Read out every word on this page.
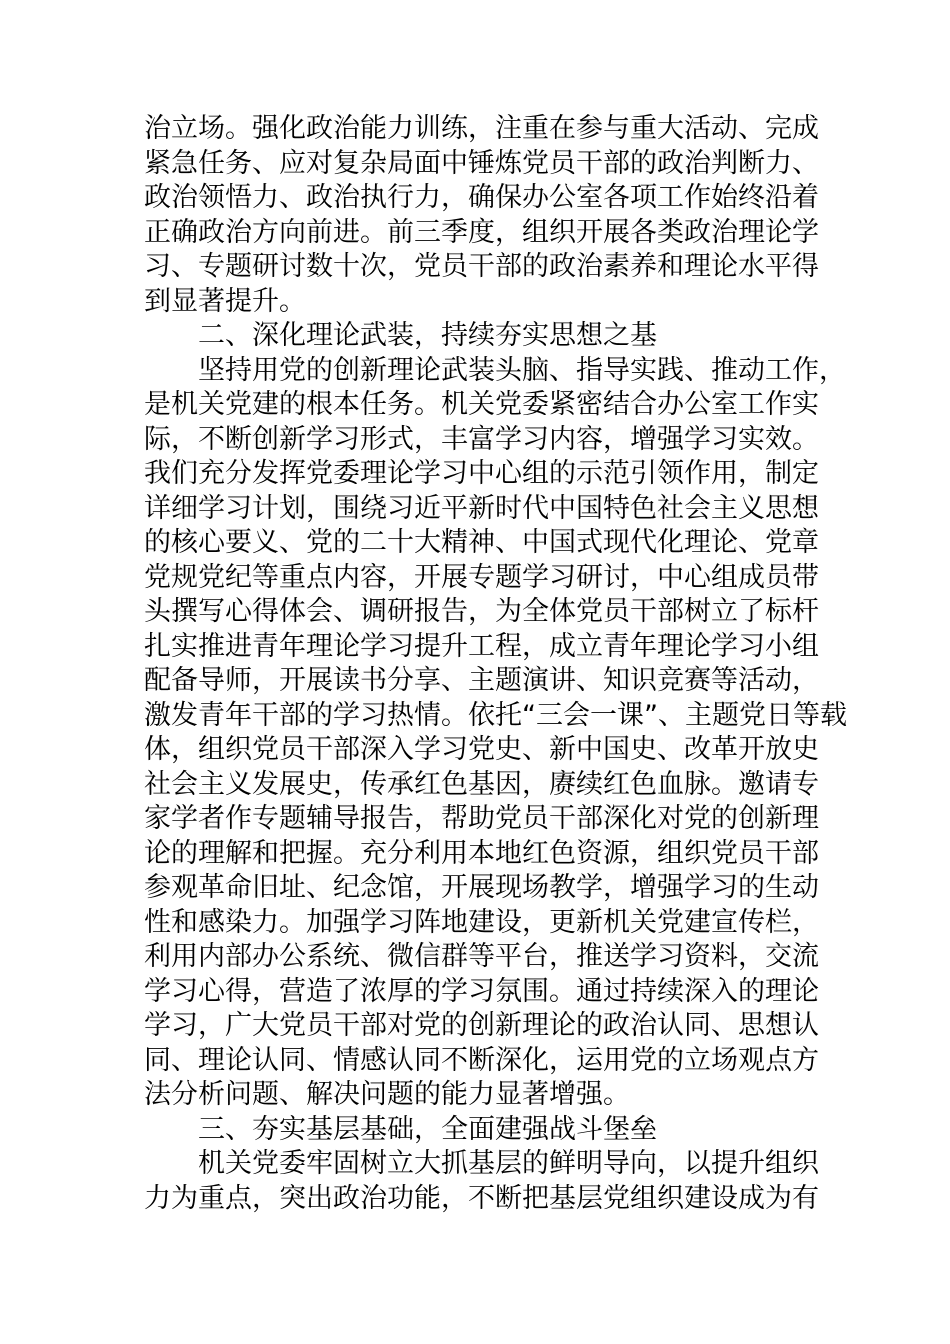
治立场。强化政治能力训练，注重在参与重大活动、完成
紧急任务、应对复杂局面中锤炼党员干部的政治判断力、
政治领悟力、政治执行力，确保办公室各项工作始终沿着
正确政治方向前进。前三季度，组织开展各类政治理论学
习、专题研讨数十次，党员干部的政治素养和理论水平得
到显著提升。
二、深化理论武装，持续夯实思想之基
坚持用党的创新理论武装头脑、指导实践、推动工作，
是机关党建的根本任务。机关党委紧密结合办公室工作实
际，不断创新学习形式，丰富学习内容，增强学习实效。
我们充分发挥党委理论学习中心组的示范引领作用，制定
详细学习计划，围绕习近平新时代中国特色社会主义思想
的核心要义、党的二十大精神、中国式现代化理论、党章
党规党纪等重点内容，开展专题学习研讨，中心组成员带
头撰写心得体会、调研报告，为全体党员干部树立了标杆
扎实推进青年理论学习提升工程，成立青年理论学习小组
配备导师，开展读书分享、主题演讲、知识竞赛等活动，
激发青年干部的学习热情。依托“三会一课”、主题党日等载
体，组织党员干部深入学习党史、新中国史、改革开放史
社会主义发展史，传承红色基因，赓续红色血脉。邀请专
家学者作专题辅导报告，帮助党员干部深化对党的创新理
论的理解和把握。充分利用本地红色资源，组织党员干部
参观革命旧址、纪念馆，开展现场教学，增强学习的生动
性和感染力。加强学习阵地建设，更新机关党建宣传栏，
利用内部办公系统、微信群等平台，推送学习资料，交流
学习心得，营造了浓厚的学习氛围。通过持续深入的理论
学习，广大党员干部对党的创新理论的政治认同、思想认
同、理论认同、情感认同不断深化，运用党的立场观点方
法分析问题、解决问题的能力显著增强。
三、夯实基层基础，全面建强战斗堡垒
机关党委牢固树立大抓基层的鲜明导向，以提升组织
力为重点，突出政治功能，不断把基层党组织建设成为有
